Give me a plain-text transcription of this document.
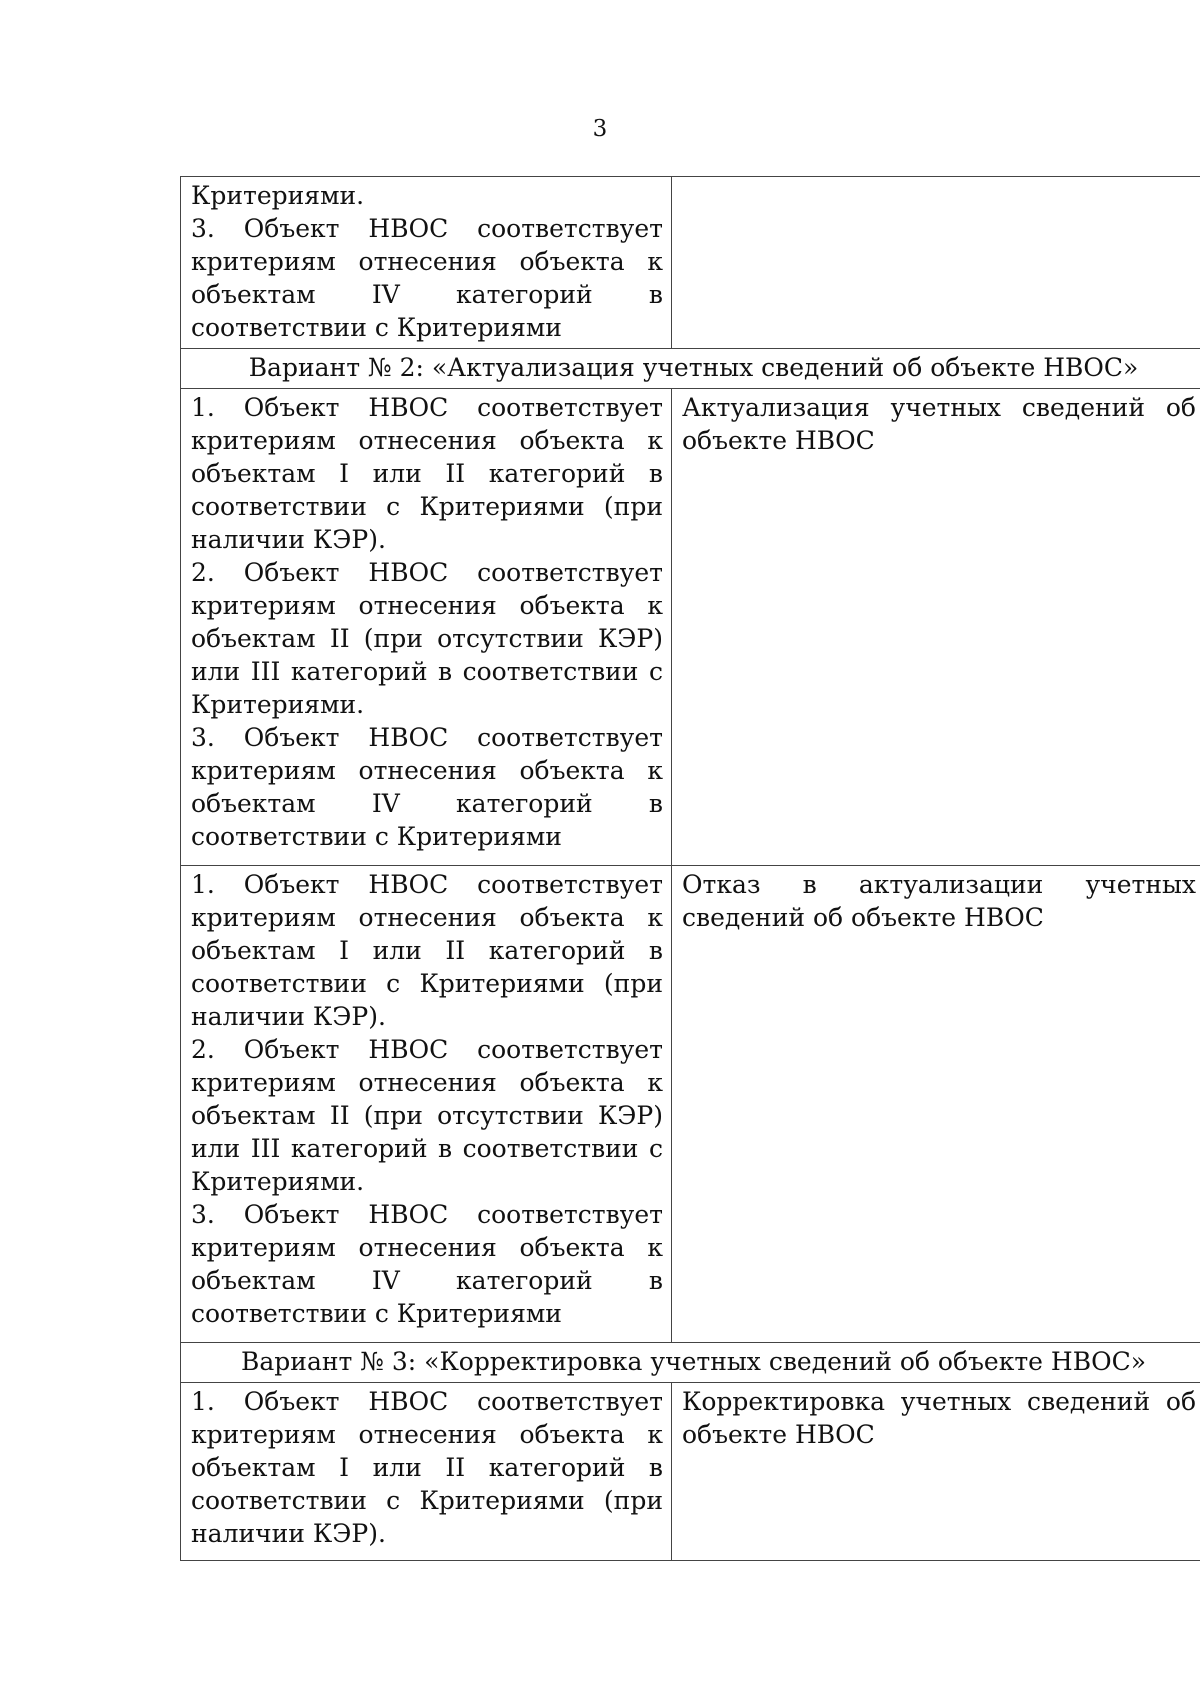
3
Критериями.
3. Объект НВОС соответствует критериям отнесения объекта к объектам IV категорий в соответствии с Критериями	

Вариант № 2: «Актуализация учетных сведений об объекте НВОС»	

1. Объект НВОС соответствует критериям отнесения объекта к объектам I или II категорий в соответствии с Критериями (при наличии КЭР).
2. Объект НВОС соответствует критериям отнесения объекта к объектам II (при отсутствии КЭР) или III категорий в соответствии с Критериями.
3. Объект НВОС соответствует критериям отнесения объекта к объектам IV категорий в соответствии с Критериями	Актуализация учетных сведений об объекте НВОС

1. Объект НВОС соответствует критериям отнесения объекта к объектам I или II категорий в соответствии с Критериями (при наличии КЭР).
2. Объект НВОС соответствует критериям отнесения объекта к объектам II (при отсутствии КЭР) или III категорий в соответствии с Критериями.
3. Объект НВОС соответствует критериям отнесения объекта к объектам IV категорий в соответствии с Критериями	Отказ в актуализации учетных сведений об объекте НВОС

Вариант № 3: «Корректировка учетных сведений об объекте НВОС»	

1. Объект НВОС соответствует критериям отнесения объекта к объектам I или II категорий в соответствии с Критериями (при наличии КЭР).	Корректировка учетных сведений об объекте НВОС
